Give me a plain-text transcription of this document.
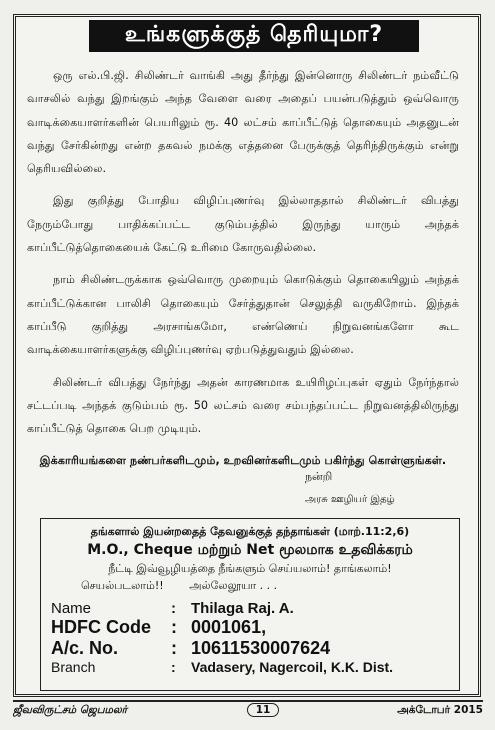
உங்களுக்குத் தெரியுமா?

ஒரு எல்.பி.ஜி. சிலிண்டர் வாங்கி அது தீர்ந்து இன்னொரு சிலிண்டர் நம்வீட்டு வாசலில் வந்து இறங்கும் அந்த வேளை வரை அதைப் பயன்படுத்தும் ஒவ்வொரு வாடிக்கையாளர்களின் பெயரிலும் ரூ. 40 லட்சம் காப்பீட்டுத் தொகையும் அதனுடன் வந்து சேர்கின்றது என்ற தகவல் நமக்கு எத்தனை பேருக்குத் தெரிந்திருக்கும் என்று தெரியவில்லை.

இது குறித்து போதிய விழிப்புணர்வு இல்லாததால் சிலிண்டர் விபத்து நேரும்போது பாதிக்கப்பட்ட குடும்பத்தில் இருந்து யாரும் அந்தக் காப்பீட்டுத்தொகையைக் கேட்டு உரிமை கோருவதில்லை.

நாம் சிலிண்டருக்காக ஒவ்வொரு முறையும் கொடுக்கும் தொகையிலும் அந்தக் காப்பீட்டுக்கான பாலிசி தொகையும் சேர்த்துதான் செலுத்தி வருகிறோம். இந்தக் காப்பீடு குறித்து அரசாங்கமோ, எண்ணெய் நிறுவனங்களோ கூட வாடிக்கையாளர்களுக்கு விழிப்புணர்வு ஏற்படுத்துவதும் இல்லை.

சிலிண்டர் விபத்து நேர்ந்து அதன் காரணமாக உயிரிழப்புகள் ஏதும் நேர்ந்தால் சட்டப்படி அந்தக் குடும்பம் ரூ. 50 லட்சம் வரை சம்பந்தப்பட்ட நிறுவனத்திலிருந்து காப்பீட்டுத் தொகை பெற முடியும்.

இக்காரியங்களை நண்பர்களிடமும், உறவினர்களிடமும் பகிர்ந்து கொள்ளுங்கள்.

நன்றி
அரசு ஊழியர் இதழ்
தங்களால் இயன்றதைத் தேவனுக்குத் தந்தாங்கள் (மாற்.11:2,6)
M.O., Cheque மற்றும் Net மூலமாக உதவிக்கரம்
நீட்டி இவ்வூழியத்தை நீங்களும் செய்யலாம்! தாங்கலாம்!
செயல்படலாம்!! அல்லேலூயா . . .
Name	:	Thilaga Raj. A.
HDFC Code	: 0001061,
A/c. No.	: 10611530007624
Branch	:	Vadasery, Nagercoil, K.K. Dist.
ஜீவவிருட்சம் ஜெபமலர்	11	அக்டோபர் 2015
